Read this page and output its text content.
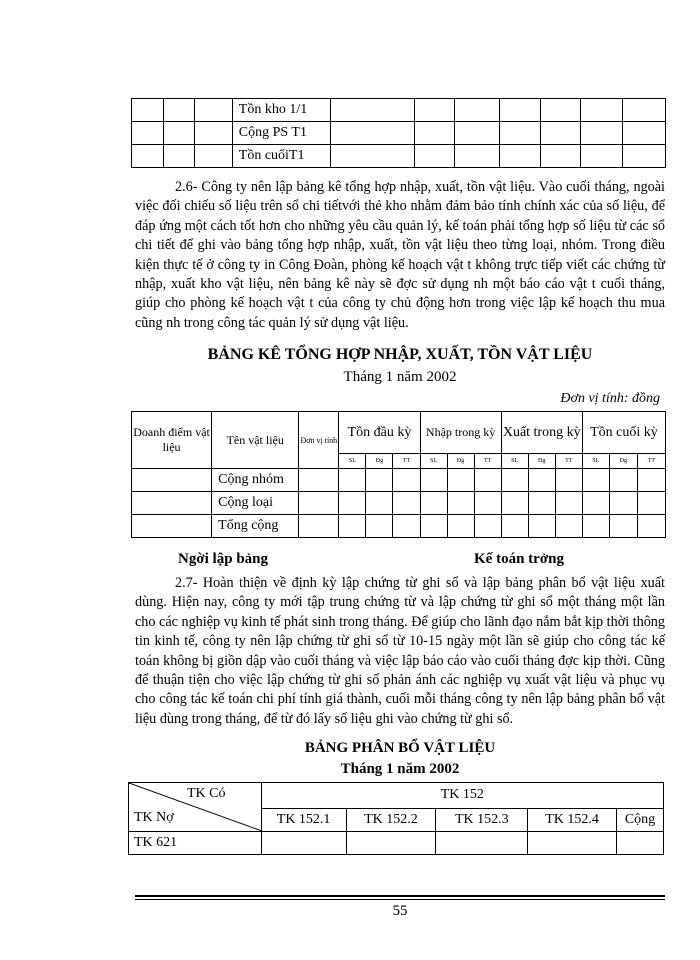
			Tồn kho 1/1							
			Cộng PS T1							
			Tồn cuốiT1							

2.6- Công ty nên lập bảng kê tổng hợp nhập, xuất, tồn vật liệu. Vào cuối tháng, ngoài việc đối chiếu số liệu trên sổ chi tiếtvới thẻ kho nhằm đảm bảo tính chính xác của số liệu, để đáp ứng một cách tốt hơn cho những yêu cầu quản lý, kế toán phải tổng hợp số liệu từ các sổ chi tiết để ghi vào bảng tổng hợp nhập, xuất, tồn vật liệu theo từng loại, nhóm. Trong điều kiện thực tế ở công ty in Công Đoàn, phòng kế hoạch vật t không trực tiếp viết các chứng từ nhập, xuất kho vật liệu, nên bảng kê này sẽ đợc sử dụng nh một báo cáo vật t cuối tháng, giúp cho phòng kế hoạch vật t của công ty chủ động hơn trong việc lập kế hoạch thu mua cũng nh trong công tác quản lý sử dụng vật liệu.

BẢNG KÊ TỔNG HỢP NHẬP, XUẤT, TỒN VẬT LIỆU
Tháng 1 năm 2002
Đơn vị tính: đồng
Doanh điểm vật liệu	Tên vật liệu	Đơn vị tính	Tồn đầu kỳ			Nhập trong kỳ			Xuất trong kỳ			Tồn cuối kỳ		
			SL	Đg	TT	SL	Đg	TT	SL	Đg	TT	SL	Đg	TT
	Cộng nhóm													
	Cộng loại													
	Tổng cộng													
Ngời lập bảng	Kế toán trởng

2.7- Hoàn thiện về định kỳ lập chứng từ ghi sổ và lập bảng phân bổ vật liệu xuất dùng. Hiện nay, công ty mới tập trung chứng từ và lập chứng từ ghi sổ một tháng một lần cho các nghiệp vụ kinh tế phát sinh trong tháng. Để giúp cho lãnh đạo nắm bắt kịp thời thông tin kinh tế, công ty nên lập chứng từ ghi sổ từ 10-15 ngày một lần sẽ giúp cho công tác kế toán không bị giồn dập vào cuối tháng và việc lập báo cáo vào cuối tháng đợc kịp thời. Cũng để thuận tiện cho việc lập chứng từ ghi sổ phản ánh các nghiệp vụ xuất vật liệu và phục vụ cho công tác kế toán chi phí tính giá thành, cuối mỗi tháng công ty nên lập bảng phân bổ vật liệu dùng trong tháng, để từ đó lấy số liệu ghi vào chứng từ ghi sổ.

BẢNG PHÂN BỔ VẬT LIỆU
Tháng 1 năm 2002
TK Có
TK Nợ	TK 152				
	TK 152.1	TK 152.2	TK 152.3	TK 152.4	Cộng
TK 621					
55
